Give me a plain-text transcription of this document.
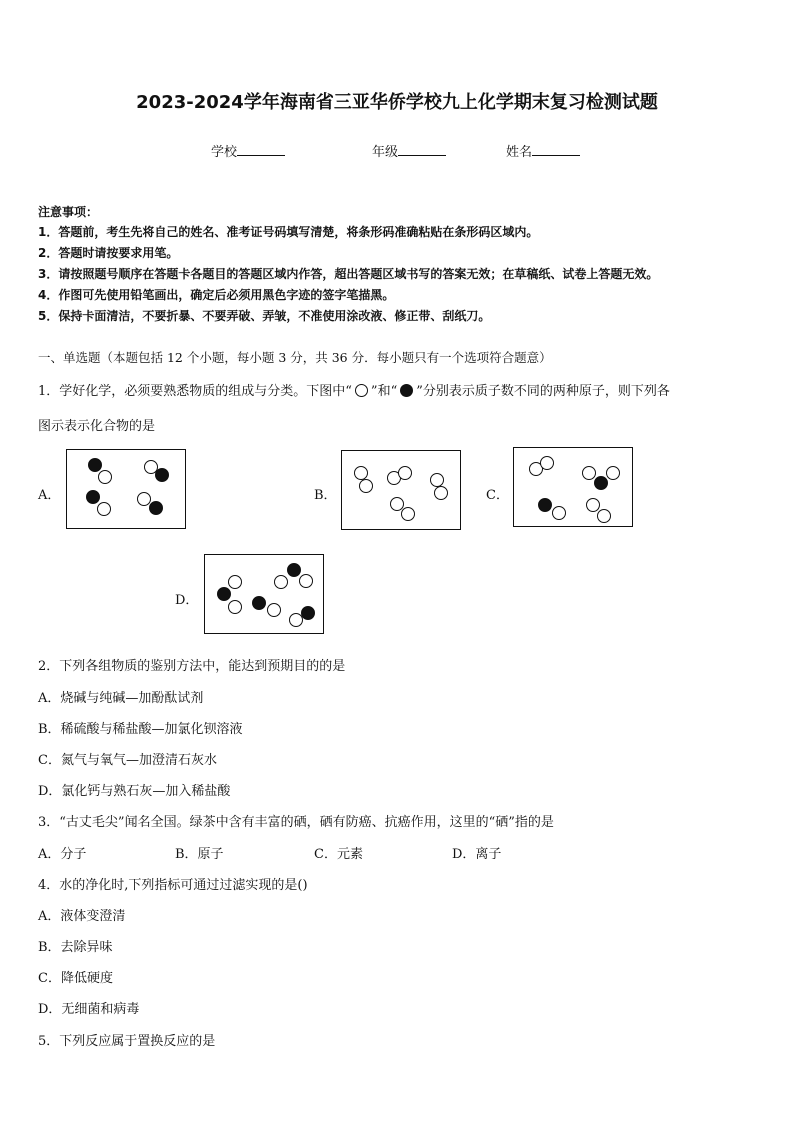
2023-2024学年海南省三亚华侨学校九上化学期末复习检测试题
学校	年级	姓名
注意事项：
1．答题前，考生先将自己的姓名、准考证号码填写清楚，将条形码准确粘贴在条形码区域内。
2．答题时请按要求用笔。
3．请按照题号顺序在答题卡各题目的答题区域内作答，超出答题区域书写的答案无效；在草稿纸、试卷上答题无效。
4．作图可先使用铅笔画出，确定后必须用黑色字迹的签字笔描黑。
5．保持卡面清洁，不要折暴、不要弄破、弄皱，不准使用涂改液、修正带、刮纸刀。
一、单选题（本题包括 12 个小题，每小题 3 分，共 36 分．每小题只有一个选项符合题意）
1．学好化学，必须要熟悉物质的组成与分类。下图中“ ”和“ ”分别表示质子数不同的两种原子，则下列各
图示表示化合物的是
A．	B．	C．
D．
2．下列各组物质的鉴别方法中，能达到预期目的的是
A．烧碱与纯碱—加酚酞试剂
B．稀硫酸与稀盐酸—加氯化钡溶液
C．氮气与氧气—加澄清石灰水
D．氯化钙与熟石灰—加入稀盐酸
3．“古丈毛尖”闻名全国。绿茶中含有丰富的硒，硒有防癌、抗癌作用，这里的“硒”指的是
A．分子	B．原子	C．元素	D．离子
4．水的净化时,下列指标可通过过滤实现的是()
A．液体变澄清
B．去除异味
C．降低硬度
D．无细菌和病毒
5．下列反应属于置换反应的是
